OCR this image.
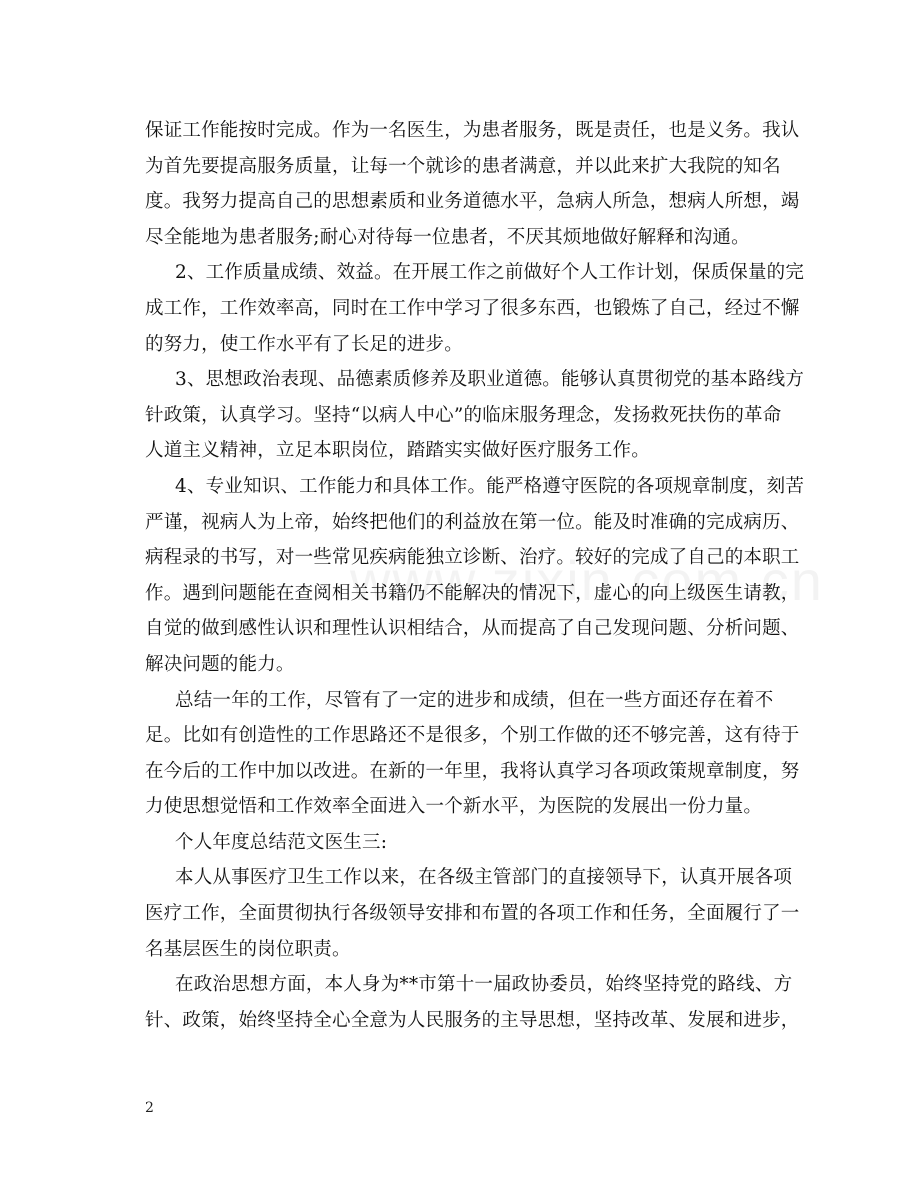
保证工作能按时完成。作为一名医生，为患者服务，既是责任，也是义务。我认
为首先要提高服务质量，让每一个就诊的患者满意，并以此来扩大我院的知名
度。我努力提高自己的思想素质和业务道德水平，急病人所急，想病人所想，竭
尽全能地为患者服务;耐心对待每一位患者，不厌其烦地做好解释和沟通。
2、工作质量成绩、效益。在开展工作之前做好个人工作计划，保质保量的完
成工作，工作效率高，同时在工作中学习了很多东西，也锻炼了自己，经过不懈
的努力，使工作水平有了长足的进步。
3、思想政治表现、品德素质修养及职业道德。能够认真贯彻党的基本路线方
针政策，认真学习。坚持“以病人中心”的临床服务理念，发扬救死扶伤的革命
人道主义精神，立足本职岗位，踏踏实实做好医疗服务工作。
4、专业知识、工作能力和具体工作。能严格遵守医院的各项规章制度，刻苦
严谨，视病人为上帝，始终把他们的利益放在第一位。能及时准确的完成病历、
病程录的书写，对一些常见疾病能独立诊断、治疗。较好的完成了自己的本职工
作。遇到问题能在查阅相关书籍仍不能解决的情况下，虚心的向上级医生请教，
自觉的做到感性认识和理性认识相结合，从而提高了自己发现问题、分析问题、
解决问题的能力。
总结一年的工作，尽管有了一定的进步和成绩，但在一些方面还存在着不
足。比如有创造性的工作思路还不是很多，个别工作做的还不够完善，这有待于
在今后的工作中加以改进。在新的一年里，我将认真学习各项政策规章制度，努
力使思想觉悟和工作效率全面进入一个新水平，为医院的发展出一份力量。
个人年度总结范文医生三:
本人从事医疗卫生工作以来，在各级主管部门的直接领导下，认真开展各项
医疗工作，全面贯彻执行各级领导安排和布置的各项工作和任务，全面履行了一
名基层医生的岗位职责。
在政治思想方面，本人身为**市第十一届政协委员，始终坚持党的路线、方
针、政策，始终坚持全心全意为人民服务的主导思想，坚持改革、发展和进步，
2
